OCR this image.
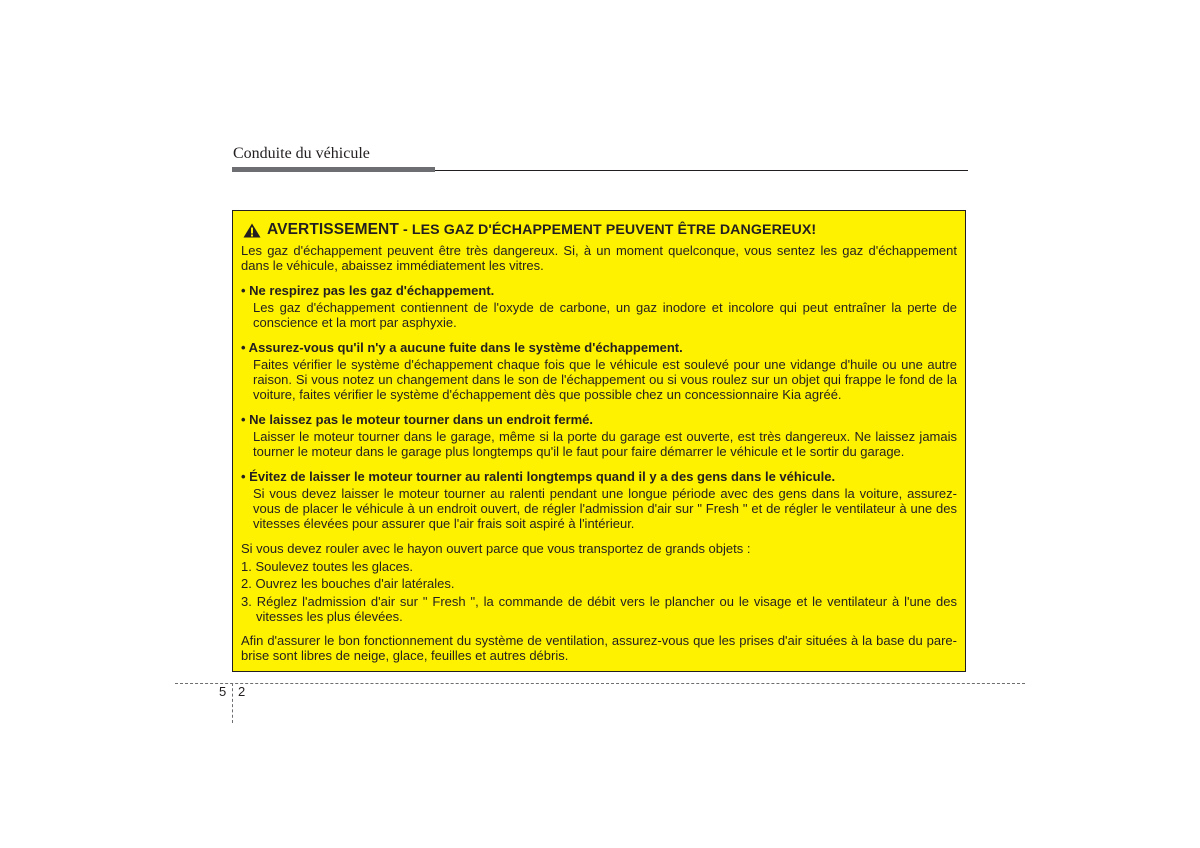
Conduite du véhicule
AVERTISSEMENT - LES GAZ D'ÉCHAPPEMENT PEUVENT ÊTRE DANGEREUX!

Les gaz d'échappement peuvent être très dangereux. Si, à un moment quelconque, vous sentez les gaz d'échappement dans le véhicule, abaissez immédiatement les vitres.

• Ne respirez pas les gaz d'échappement.

Les gaz d'échappement contiennent de l'oxyde de carbone, un gaz inodore et incolore qui peut entraîner la perte de conscience et la mort par asphyxie.

• Assurez-vous qu'il n'y a aucune fuite dans le système d'échappement.

Faites vérifier le système d'échappement chaque fois que le véhicule est soulevé pour une vidange d'huile ou une autre raison. Si vous notez un changement dans le son de l'échappement ou si vous roulez sur un objet qui frappe le fond de la voiture, faites vérifier le système d'échappement dès que possible chez un concessionnaire Kia agréé.

• Ne laissez pas le moteur tourner dans un endroit fermé.

Laisser le moteur tourner dans le garage, même si la porte du garage est ouverte, est très dangereux. Ne laissez jamais tourner le moteur dans le garage plus longtemps qu'il le faut pour faire démarrer le véhicule et le sortir du garage.

• Évitez de laisser le moteur tourner au ralenti longtemps quand il y a des gens dans le véhicule.

Si vous devez laisser le moteur tourner au ralenti pendant une longue période avec des gens dans la voiture, assurez-vous de placer le véhicule à un endroit ouvert, de régler l'admission d'air sur " Fresh " et de régler le ventilateur à une des vitesses élevées pour assurer que l'air frais soit aspiré à l'intérieur.

Si vous devez rouler avec le hayon ouvert parce que vous transportez de grands objets :

1. Soulevez toutes les glaces.

2. Ouvrez les bouches d'air latérales.

3. Réglez l'admission d'air sur " Fresh ", la commande de débit vers le plancher ou le visage et le ventilateur à l'une des vitesses les plus élevées.

Afin d'assurer le bon fonctionnement du système de ventilation, assurez-vous que les prises d'air situées à la base du pare-brise sont libres de neige, glace, feuilles et autres débris.

5 2
